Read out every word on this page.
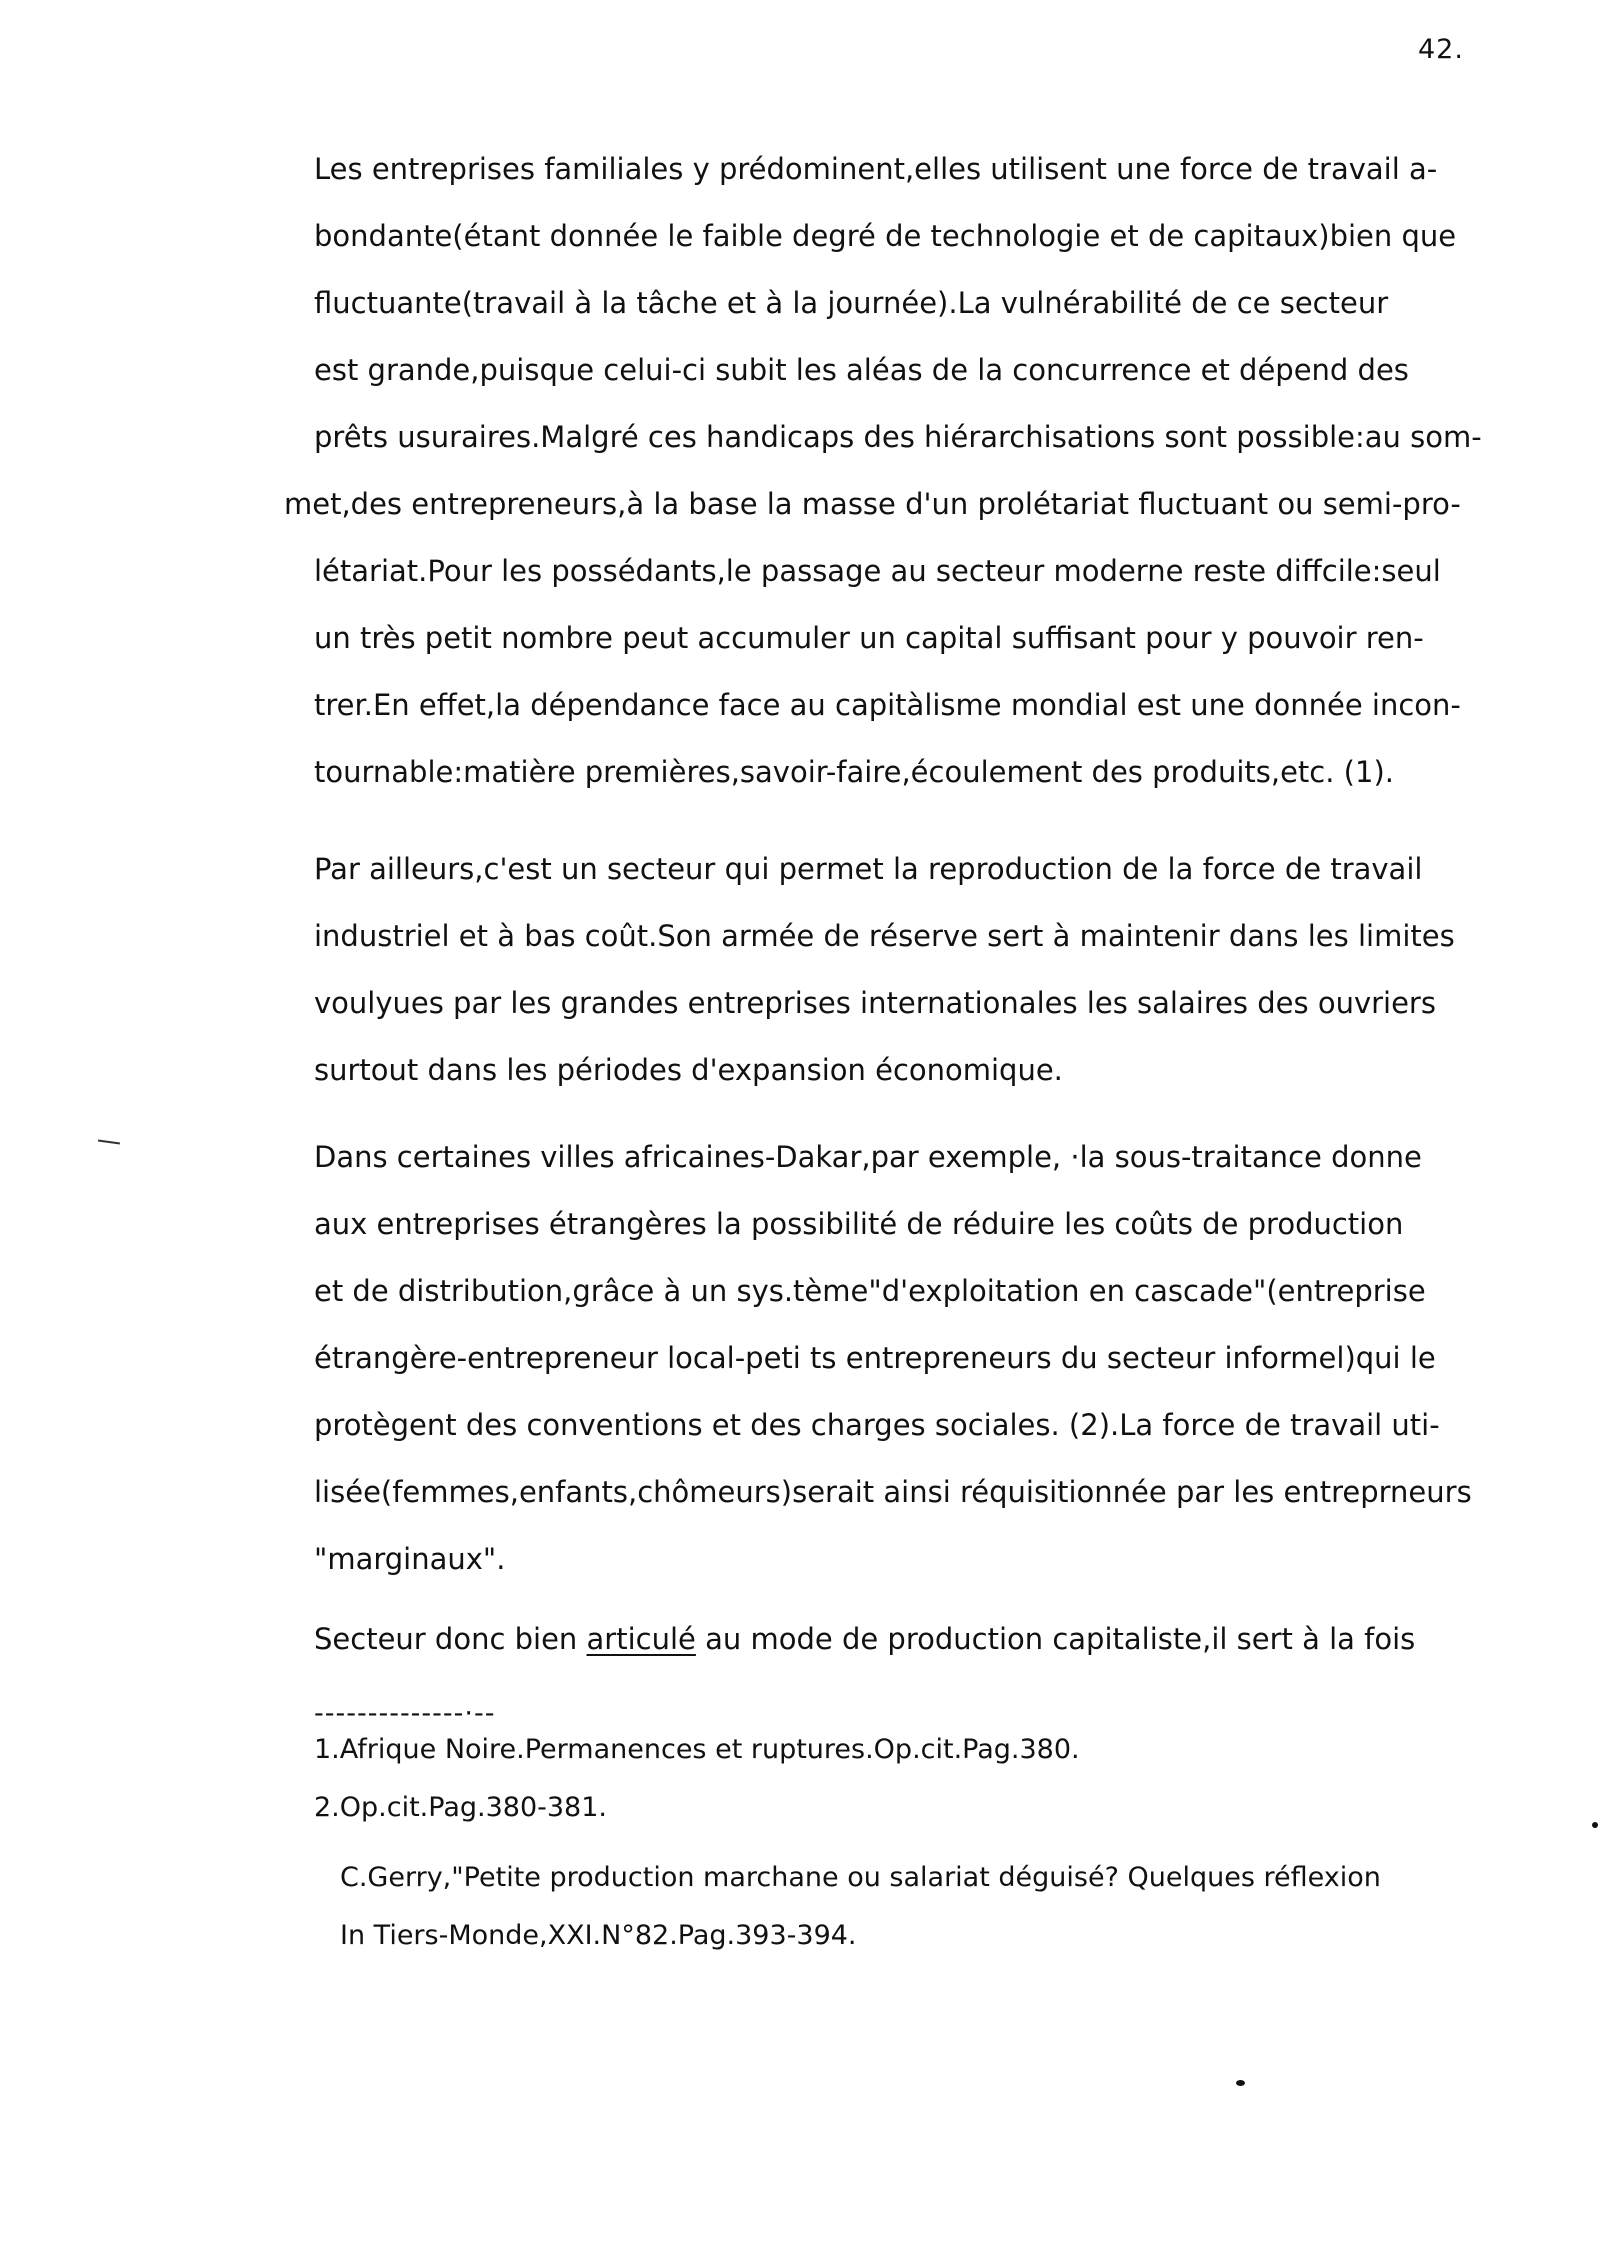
42.
Les entreprises familiales y prédominent,elles utilisent une force de travail a-
bondante(étant donnée le faible degré de technologie et de capitaux)bien que
fluctuante(travail à la tâche et à la journée).La vulnérabilité de ce secteur
est grande,puisque celui-ci subit les aléas de la concurrence et dépend des
prêts usuraires.Malgré ces handicaps des hiérarchisations sont possible:au som-
met,des entrepreneurs,à la base la masse d'un prolétariat fluctuant ou semi-pro-
létariat.Pour les possédants,le passage au secteur moderne reste diffcile:seul
un très petit nombre peut accumuler un capital suffisant pour y pouvoir ren-
trer.En effet,la dépendance face au capitàlisme mondial est une donnée incon-
tournable:matière premières,savoir-faire,écoulement des produits,etc. (1).
Par ailleurs,c'est un secteur qui permet la reproduction de la force de travail
industriel et à bas coût.Son armée de réserve sert à maintenir dans les limites
voulyues par les grandes entreprises internationales les salaires des ouvriers
surtout dans les périodes d'expansion économique.
Dans certaines villes africaines-Dakar,par exemple, ·la sous-traitance donne
aux entreprises étrangères la possibilité de réduire les coûts de production
et de distribution,grâce à un sys.tème"d'exploitation en cascade"(entreprise
étrangère-entrepreneur local-peti ts entrepreneurs du secteur informel)qui le
protègent des conventions et des charges sociales. (2).La force de travail uti-
lisée(femmes,enfants,chômeurs)serait ainsi réquisitionnée par les entreprneurs
"marginaux".
Secteur donc bien articulé au mode de production capitaliste,il sert à la fois
--------------·--
1.Afrique Noire.Permanences et ruptures.Op.cit.Pag.380.
2.Op.cit.Pag.380-381.
C.Gerry,"Petite production marchane ou salariat déguisé? Quelques réflexion
In Tiers-Monde,XXI.N°82.Pag.393-394.
